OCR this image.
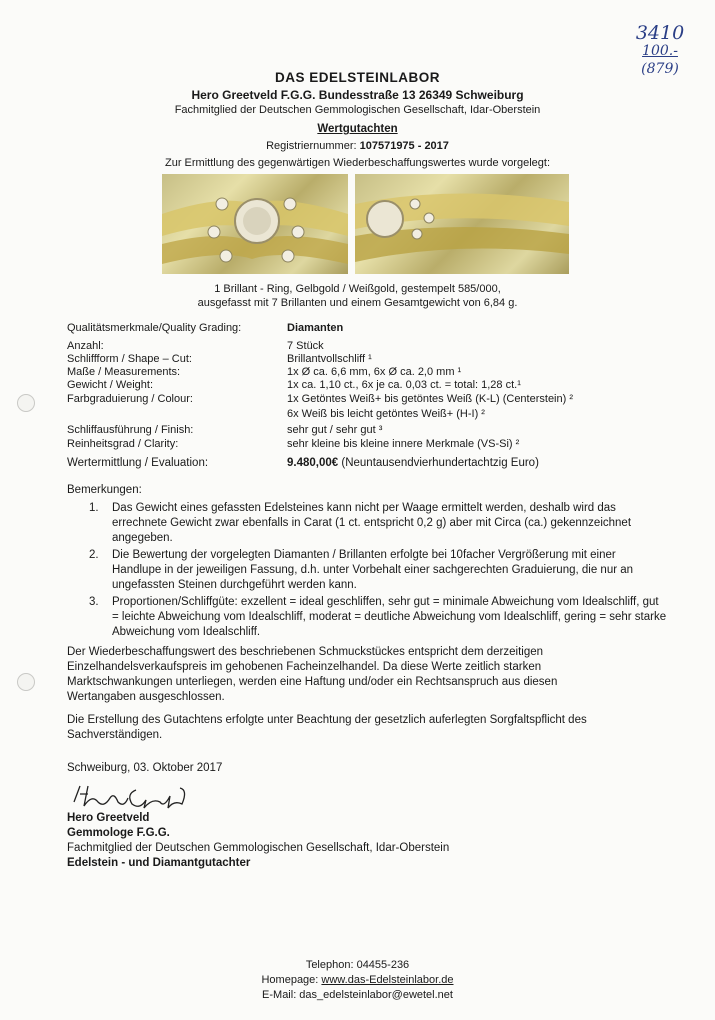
3410
100.-
(879)
DAS EDELSTEINLABOR
Hero Greetveld F.G.G. Bundesstraße 13 26349 Schweiburg
Fachmitglied der Deutschen Gemmologischen Gesellschaft, Idar-Oberstein
Wertgutachten
Registriernummer: 107571975 - 2017
Zur Ermittlung des gegenwärtigen Wiederbeschaffungswertes wurde vorgelegt:
1 Brillant - Ring, Gelbgold / Weißgold, gestempelt 585/000,
ausgefasst mit 7 Brillanten und einem Gesamtgewicht von 6,84 g.
Qualitätsmerkmale/Quality Grading:	Diamanten
Anzahl:	7 Stück
Schliffform / Shape – Cut:	Brillantvollschliff ¹
Maße / Measurements:	1x Ø ca. 6,6 mm, 6x Ø ca. 2,0 mm ¹
Gewicht / Weight:	1x ca. 1,10 ct., 6x je ca. 0,03 ct. = total: 1,28 ct.¹
Farbgraduierung / Colour:	1x Getöntes Weiß+ bis getöntes Weiß (K-L) (Centerstein) ²
6x Weiß bis leicht getöntes Weiß+ (H-I) ²
Schliffausführung / Finish:	sehr gut / sehr gut ³
Reinheitsgrad / Clarity:	sehr kleine bis kleine innere Merkmale (VS-Si) ²
Wertermittlung / Evaluation:	9.480,00€ (Neuntausendvierhundertachtzig Euro)
Bemerkungen:
1. Das Gewicht eines gefassten Edelsteines kann nicht per Waage ermittelt werden, deshalb wird das errechnete Gewicht zwar ebenfalls in Carat (1 ct. entspricht 0,2 g) aber mit Circa (ca.) gekennzeichnet angegeben.
2. Die Bewertung der vorgelegten Diamanten / Brillanten erfolgte bei 10facher Vergrößerung mit einer Handlupe in der jeweiligen Fassung, d.h. unter Vorbehalt einer sachgerechten Graduierung, die nur an ungefassten Steinen durchgeführt werden kann.
3. Proportionen/Schliffgüte: exzellent = ideal geschliffen, sehr gut = minimale Abweichung vom Idealschliff, gut = leichte Abweichung vom Idealschliff, moderat = deutliche Abweichung vom Idealschliff, gering = sehr starke Abweichung vom Idealschliff.
Der Wiederbeschaffungswert des beschriebenen Schmuckstückes entspricht dem derzeitigen Einzelhandelsverkaufspreis im gehobenen Facheinzelhandel. Da diese Werte zeitlich starken Marktschwankungen unterliegen, werden eine Haftung und/oder ein Rechtsanspruch aus diesen Wertangaben ausgeschlossen.
Die Erstellung des Gutachtens erfolgte unter Beachtung der gesetzlich auferlegten Sorgfaltspflicht des Sachverständigen.
Schweiburg, 03. Oktober 2017
Hero Greetveld
Gemmologe F.G.G.
Fachmitglied der Deutschen Gemmologischen Gesellschaft, Idar-Oberstein
Edelstein - und Diamantgutachter
Telephon: 04455-236
Homepage: www.das-Edelsteinlabor.de
E-Mail: das_edelsteinlabor@ewetel.net
